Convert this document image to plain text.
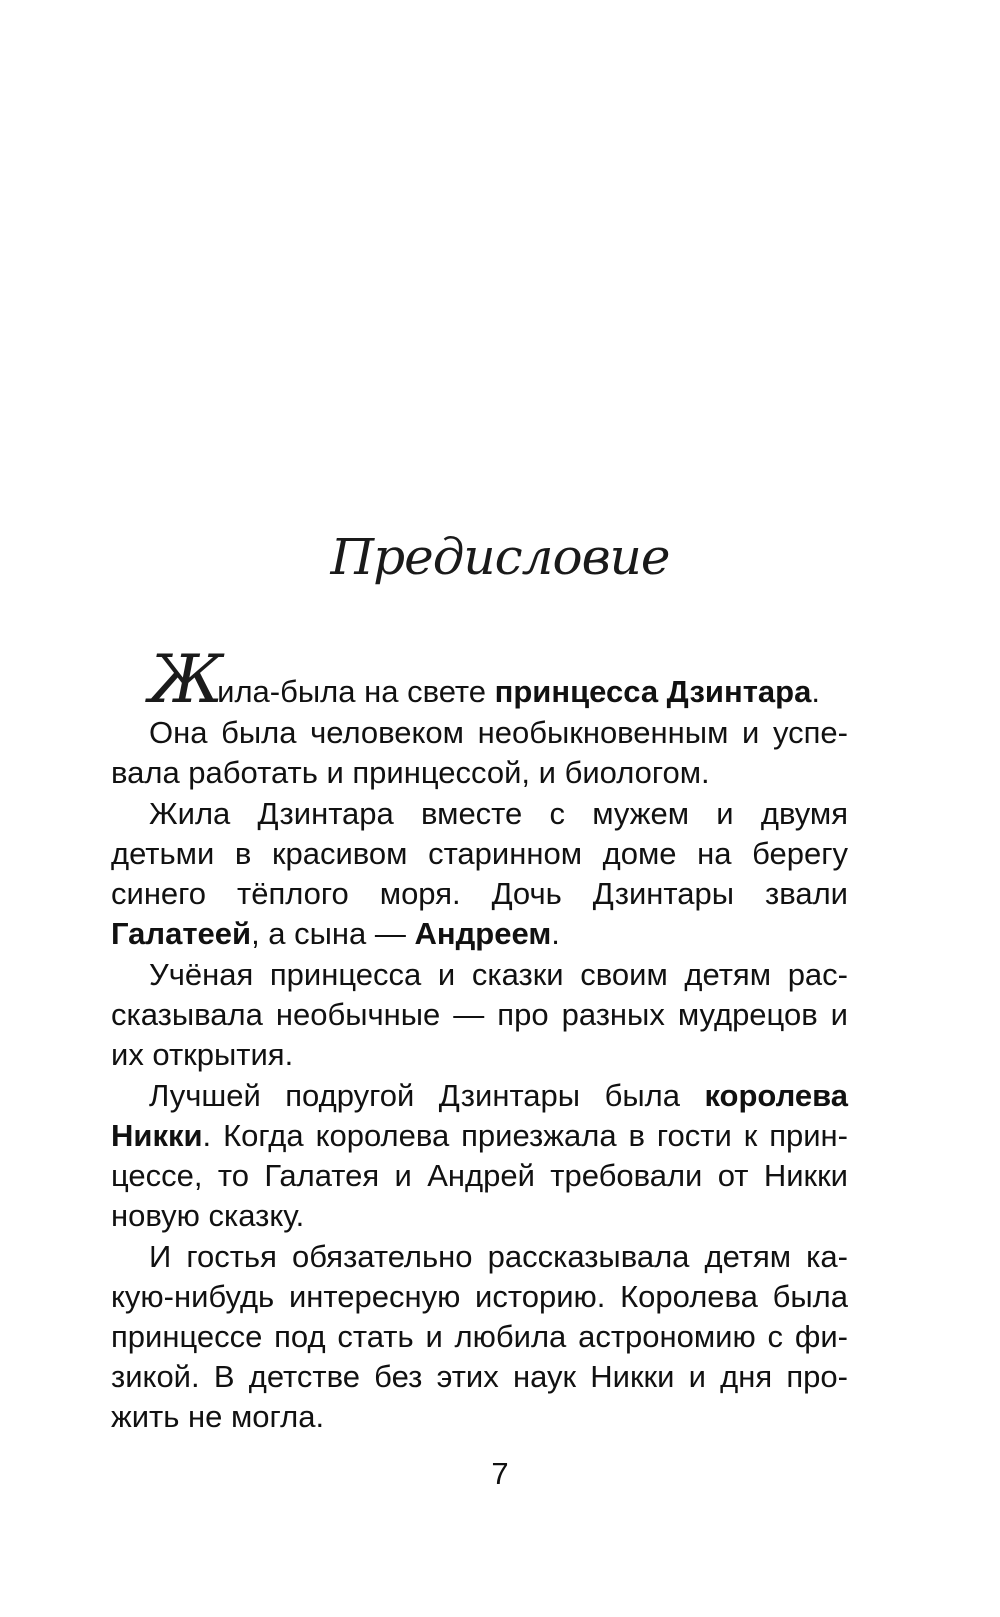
Предисловие

Жила-была на свете принцесса Дзинтара.

Она была человеком необыкновенным и успевала работать и принцессой, и биологом.

Жила Дзинтара вместе с мужем и двумя детьми в красивом старинном доме на берегу синего тёплого моря. Дочь Дзинтары звали Галатеей, а сына — Андреем.

Учёная принцесса и сказки своим детям рассказывала необычные — про разных мудрецов и их открытия.

Лучшей подругой Дзинтары была королева Никки. Когда королева приезжала в гости к принцессе, то Галатея и Андрей требовали от Никки новую сказку.

И гостья обязательно рассказывала детям какую-нибудь интересную историю. Королева была принцессе под стать и любила астрономию с физикой. В детстве без этих наук Никки и дня прожить не могла.

7
